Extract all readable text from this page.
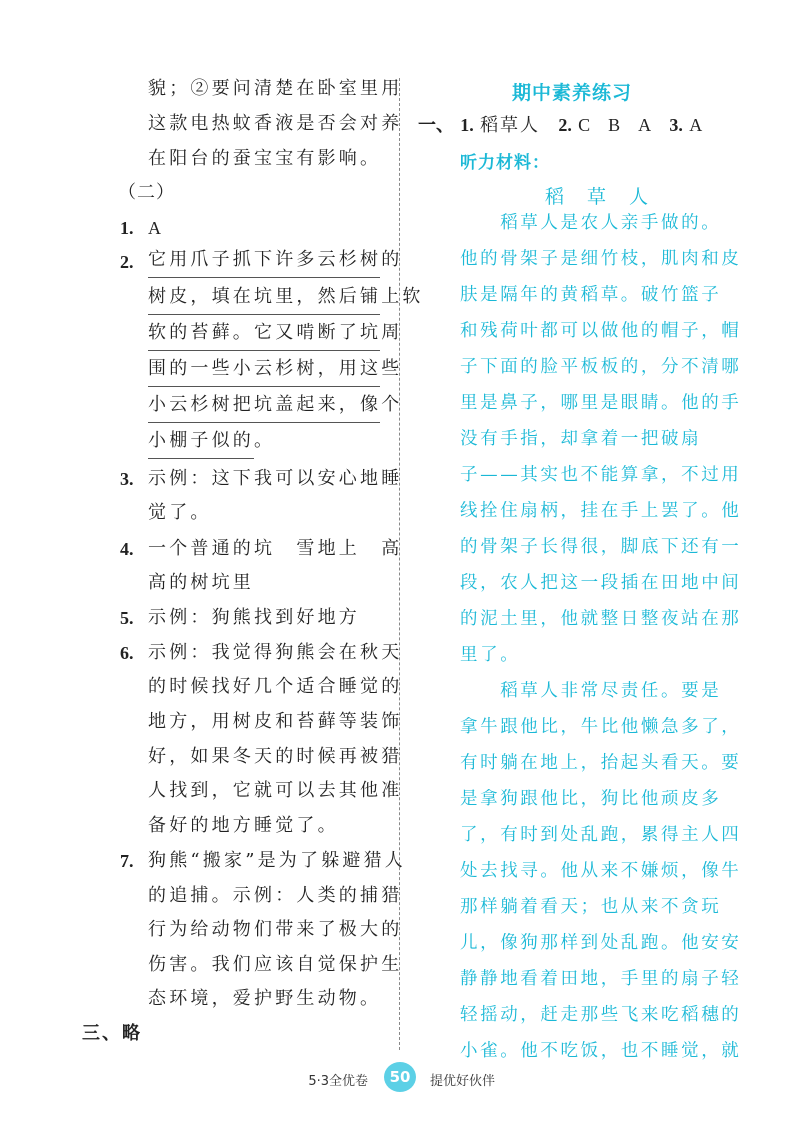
貌；②要问清楚在卧室里用
这款电热蚊香液是否会对养
在阳台的蚕宝宝有影响。
（二）
1. A
2. 它用爪子抓下许多云杉树的
树皮，填在坑里，然后铺上软
软的苔藓。它又啃断了坑周
围的一些小云杉树，用这些
小云杉树把坑盖起来，像个
小棚子似的。
3. 示例：这下我可以安心地睡
觉了。
4. 一个普通的坑　雪地上　高
高的树坑里
5. 示例：狗熊找到好地方
6. 示例：我觉得狗熊会在秋天
的时候找好几个适合睡觉的
地方，用树皮和苔藓等装饰
好，如果冬天的时候再被猎
人找到，它就可以去其他准
备好的地方睡觉了。
7. 狗熊“搬家”是为了躲避猎人
的追捕。示例：人类的捕猎
行为给动物们带来了极大的
伤害。我们应该自觉保护生
态环境，爱护野生动物。
三、略
期中素养练习
一、 1. 稻草人 2. C　B　A 3. A
听力材料：
稻　草　人
　　稻草人是农人亲手做的。
他的骨架子是细竹枝，肌肉和皮
肤是隔年的黄稻草。破竹篮子
和残荷叶都可以做他的帽子，帽
子下面的脸平板板的，分不清哪
里是鼻子，哪里是眼睛。他的手
没有手指，却拿着一把破扇
子——其实也不能算拿，不过用
线拴住扇柄，挂在手上罢了。他
的骨架子长得很，脚底下还有一
段，农人把这一段插在田地中间
的泥土里，他就整日整夜站在那
里了。
　　稻草人非常尽责任。要是
拿牛跟他比，牛比他懒急多了，
有时躺在地上，抬起头看天。要
是拿狗跟他比，狗比他顽皮多
了，有时到处乱跑，累得主人四
处去找寻。他从来不嫌烦，像牛
那样躺着看天；也从来不贪玩
儿，像狗那样到处乱跑。他安安
静静地看着田地，手里的扇子轻
轻摇动，赶走那些飞来吃稻穗的
小雀。他不吃饭，也不睡觉，就
5·3全优卷	提优好伙伴
50
